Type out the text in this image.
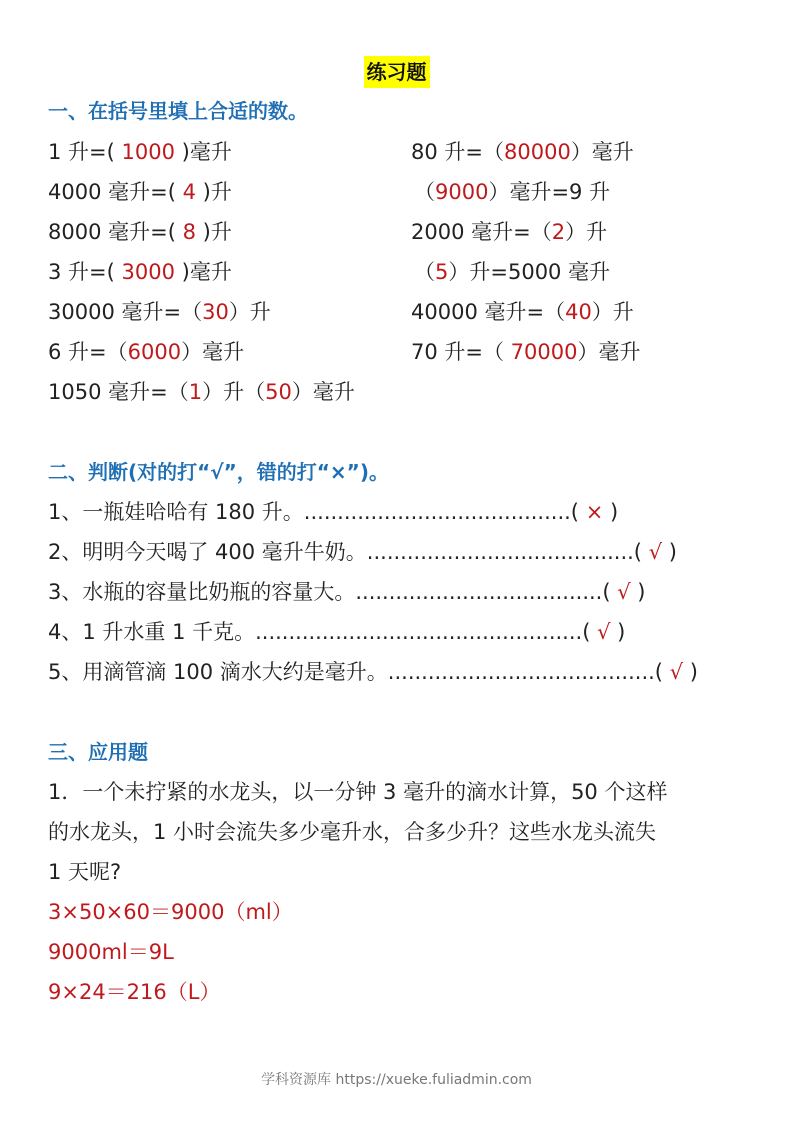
练习题
一、在括号里填上合适的数。
1 升=( 1000 )毫升
4000 毫升=( 4 )升
8000 毫升=( 8 )升
3 升=( 3000 )毫升
30000 毫升=（30）升
6 升=（6000）毫升
80 升=（80000）毫升
（9000）毫升=9 升
2000 毫升=（2）升
（5）升=5000 毫升
40000 毫升=（40）升
70 升=（ 70000）毫升
1050 毫升=（1）升（50）毫升
二、判断(对的打“√”，错的打“×”)。
1、一瓶娃哈哈有 180 升。........................................( × )
2、明明今天喝了 400 毫升牛奶。........................................( √ )
3、水瓶的容量比奶瓶的容量大。.....................................( √ )
4、1 升水重 1 千克。.................................................( √ )
5、用滴管滴 100 滴水大约是毫升。........................................( √ )
三、应用题
1．一个未拧紧的水龙头，以一分钟 3 毫升的滴水计算，50 个这样
的水龙头，1 小时会流失多少毫升水，合多少升？这些水龙头流失
1 天呢?
3×50×60＝9000（ml）
9000ml＝9L
9×24＝216（L）
学科资源库 https://xueke.fuliadmin.com
